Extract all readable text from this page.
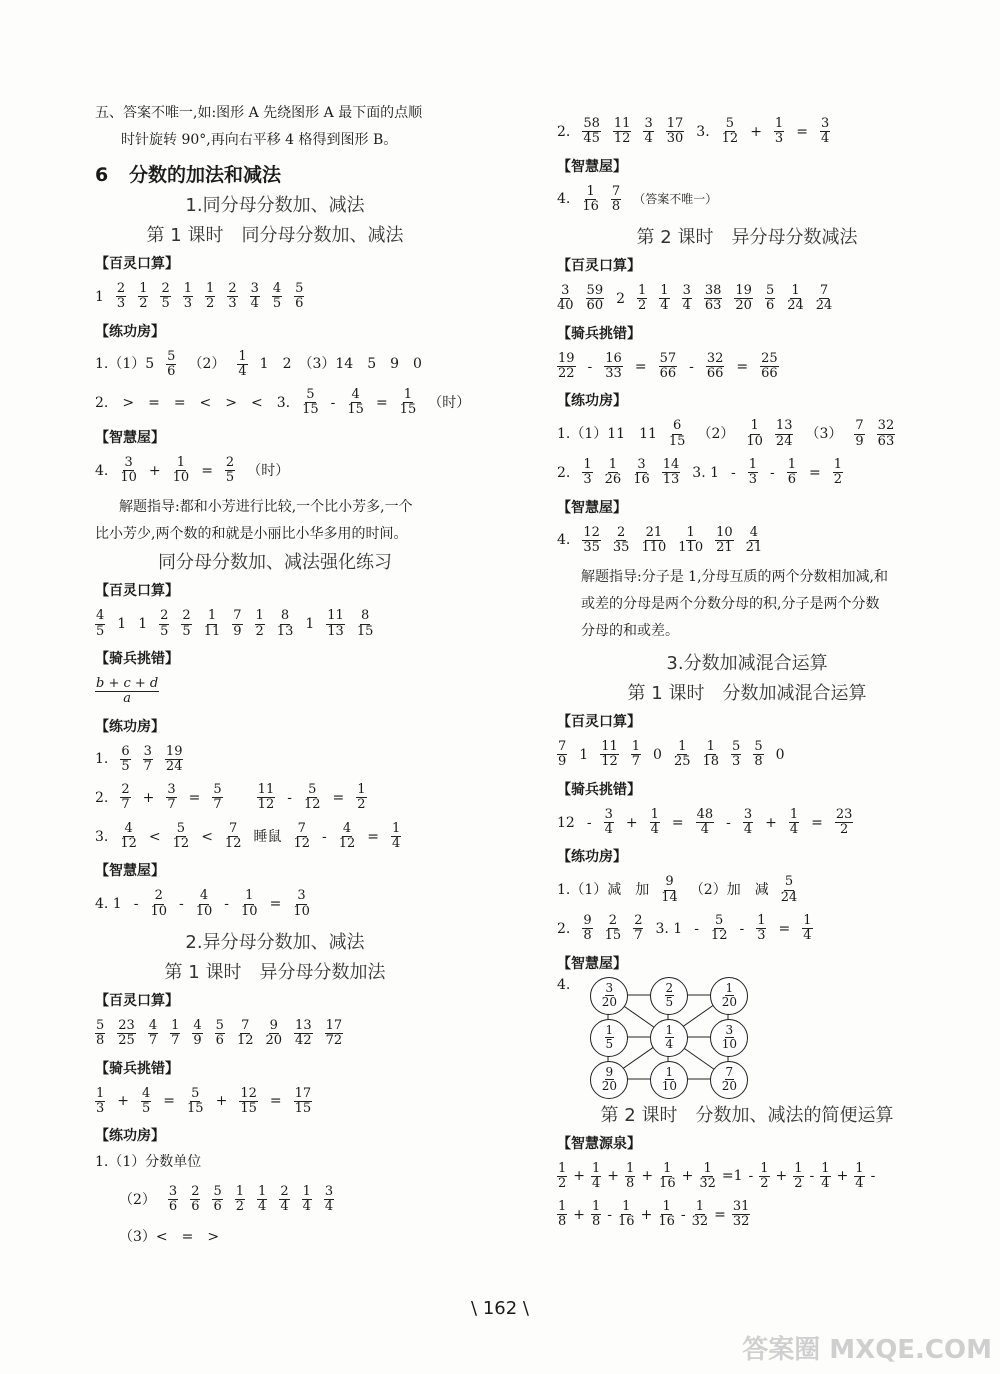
五、答案不唯一,如:图形 A 先绕图形 A 最下面的点顺
时针旋转 90°,再向右平移 4 格得到图形 B。
6 分数的加法和减法
1.同分母分数加、减法
第 1 课时　同分母分数加、减法
【百灵口算】
$1 \frac{2}{3} \frac{1}{2} \frac{2}{5} \frac{1}{3} \frac{1}{2} \frac{2}{3} \frac{3}{4} \frac{4}{5} \frac{5}{6}$
【练功房】
$1.(1)5 \frac{5}{6} (2) \frac{1}{4} 1$　2　（3）14　5　9　0
2.　>　=　=　<　>　<　3. $\frac{5}{15} - \frac{4}{15} = \frac{1}{15}$ （时）
【智慧屋】
4. $\frac{3}{10} + \frac{1}{10} = \frac{2}{5}$ （时）
解题指导:都和小芳进行比较,一个比小芳多,一个
比小芳少,两个数的和就是小丽比小华多用的时间。
同分母分数加、减法强化练习
【百灵口算】
$\frac{4}{5} 1$ $1 \frac{2}{5} \frac{2}{5} \frac{1}{11} \frac{7}{9} \frac{1}{2} \frac{8}{13} 1 \frac{11}{13} \frac{8}{15}$
【骑兵挑错】
$\frac{b + c + d}{a}$
【练功房】
1. $\frac{6}{5} \frac{3}{7} \frac{19}{24}$
2. $\frac{2}{7} + \frac{3}{7} = \frac{5}{7}$	$\frac{11}{12} - \frac{5}{12} = \frac{1}{2}$
3. $\frac{4}{12} < \frac{5}{12} < \frac{7}{12}$ 睡鼠 $\frac{7}{12} - \frac{4}{12} = \frac{1}{4}$
【智慧屋】
4. $1 - \frac{2}{10} - \frac{4}{10} - \frac{1}{10} = \frac{3}{10}$
2.异分母分数加、减法
第 1 课时　异分母分数加法
【百灵口算】
$\frac{5}{8} \frac{23}{25} \frac{4}{7} \frac{1}{7} \frac{4}{9} \frac{5}{6} \frac{7}{12} \frac{9}{20} \frac{13}{42} \frac{17}{72}$
【骑兵挑错】
$\frac{1}{3} + \frac{4}{5} = \frac{5}{15} + \frac{12}{15} = \frac{17}{15}$
【练功房】
1.（1）分数单位
$(2) \frac{3}{6} \frac{2}{6} \frac{5}{6} \frac{1}{2} \frac{1}{4} \frac{2}{4} \frac{1}{4} \frac{3}{4}$
（3）<　=　>
2. $\frac{58}{45} \frac{11}{12} \frac{3}{4} \frac{17}{30} 3$. $\frac{5}{12} + \frac{1}{3} = \frac{3}{4}$
【智慧屋】
4. $\frac{1}{16} \frac{7}{8}$ （答案不唯一）
第 2 课时　异分母分数减法
【百灵口算】
$\frac{3}{40} \frac{59}{60} 2 \frac{1}{2} \frac{1}{4} \frac{3}{4} \frac{38}{63} \frac{19}{20} \frac{5}{6} \frac{1}{24} \frac{7}{24}$
【骑兵挑错】
$\frac{19}{22} - \frac{16}{33} = \frac{57}{66} - \frac{32}{66} = \frac{25}{66}$
【练功房】
1.（1）11　$11 \frac{6}{15} (2) \frac{1}{10} \frac{13}{24} (3) \frac{7}{9} \frac{32}{63}$
2. $\frac{1}{3} \frac{1}{26} \frac{3}{16} \frac{14}{13} 3$. $1 - \frac{1}{3} - \frac{1}{6} = \frac{1}{2}$
【智慧屋】
4. $\frac{12}{35} \frac{2}{35} \frac{21}{110} \frac{1}{110} \frac{10}{21} \frac{4}{21}$
解题指导:分子是 1,分母互质的两个分数相加减,和
或差的分母是两个分数分母的积,分子是两个分数
分母的和或差。
3.分数加减混合运算
第 1 课时　分数加减混合运算
【百灵口算】
$\frac{7}{9} 1 \frac{11}{12} \frac{1}{7} 0 \frac{1}{25} \frac{1}{18} \frac{5}{3} \frac{5}{8} 0$
【骑兵挑错】
$12 - \frac{3}{4} + \frac{1}{4} = \frac{48}{4} - \frac{3}{4} + \frac{1}{4} = \frac{23}{2}$
【练功房】
1.（1）减　加 $\frac{9}{14} (2)$加　减 $\frac{5}{24}$
2. $\frac{9}{8} \frac{2}{15} \frac{2}{7} 3$. $1 - \frac{5}{12} - \frac{1}{3} = \frac{1}{4}$
【智慧屋】
4.	$\frac{3}{20}$	$\frac{2}{5}$	$\frac{1}{20}$
$\frac{1}{5}$	$\frac{1}{4}$	$\frac{3}{10}$
$\frac{9}{20}$	$\frac{1}{10}$	$\frac{7}{20}$
第 2 课时　分数加、减法的简便运算
【智慧源泉】
$\frac{1}{2} + \frac{1}{4} + \frac{1}{8} + \frac{1}{16} + \frac{1}{32} =1 - \frac{1}{2} + \frac{1}{2} - \frac{1}{4} + \frac{1}{4}$ -
$\frac{1}{8} + \frac{1}{8} - \frac{1}{16} + \frac{1}{16} - \frac{1}{32} = \frac{31}{32}$
\ 162 \
答案圈 MXQE.COM
